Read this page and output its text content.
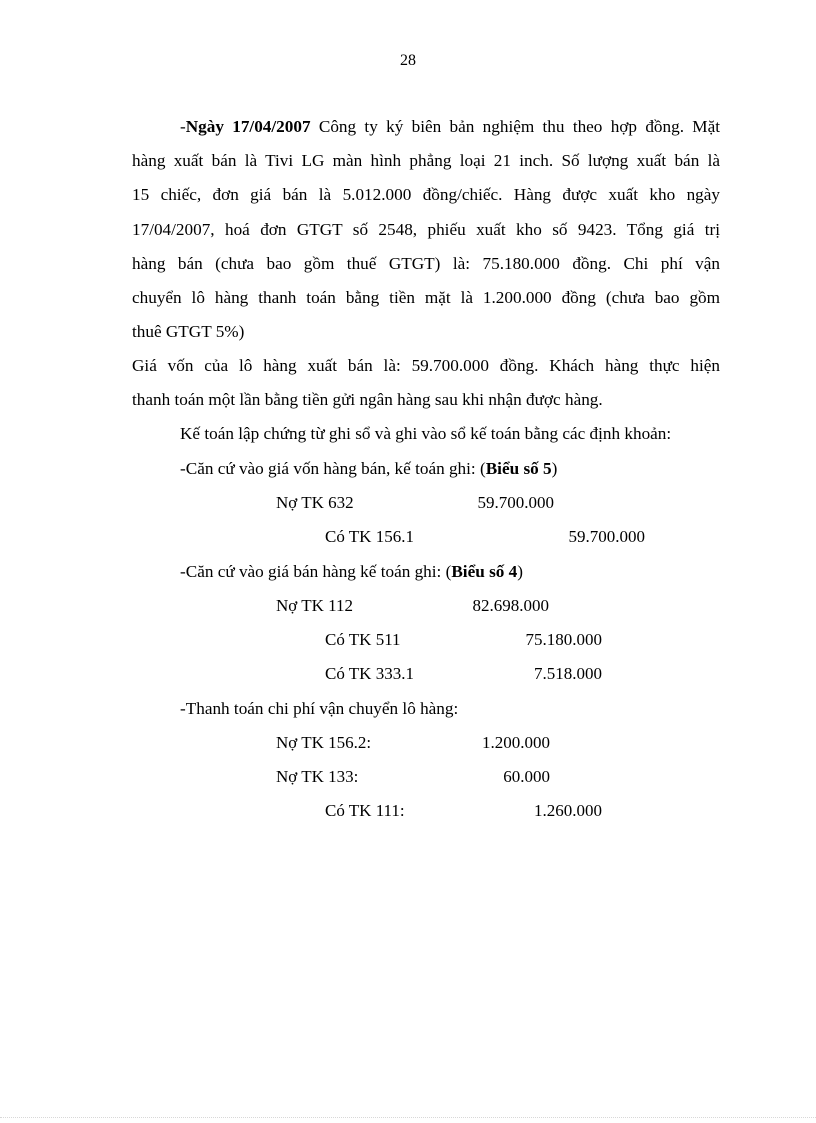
28
-Ngày 17/04/2007 Công ty ký biên bản nghiệm thu theo hợp đồng. Mặt
hàng xuất bán là Tivi LG màn hình phẳng loại 21 inch. Số lượng xuất bán là
15 chiếc, đơn giá bán là 5.012.000 đồng/chiếc. Hàng được xuất kho ngày
17/04/2007, hoá đơn GTGT số 2548, phiếu xuất kho số 9423. Tổng giá trị
hàng bán (chưa bao gồm thuế GTGT) là: 75.180.000 đồng. Chi phí vận
chuyển lô hàng thanh toán bằng tiền mặt là 1.200.000 đồng (chưa bao gồm
thuê GTGT 5%)
Giá vốn của lô hàng xuất bán là: 59.700.000 đồng. Khách hàng thực hiện
thanh toán một lần bằng tiền gửi ngân hàng sau khi nhận được hàng.
Kế toán lập chứng từ ghi sổ và ghi vào sổ kế toán bằng các định khoản:
-Căn cứ vào giá vốn hàng bán, kế toán ghi: (Biểu số 5)
Nợ TK 632	59.700.000
Có TK 156.1	59.700.000
-Căn cứ vào giá bán hàng kế toán ghi: (Biểu số 4)
Nợ TK 112	82.698.000
Có TK 511	75.180.000
Có TK 333.1	7.518.000
-Thanh toán chi phí vận chuyển lô hàng:
Nợ TK 156.2:	1.200.000
Nợ TK 133:	60.000
Có TK 111:	1.260.000
